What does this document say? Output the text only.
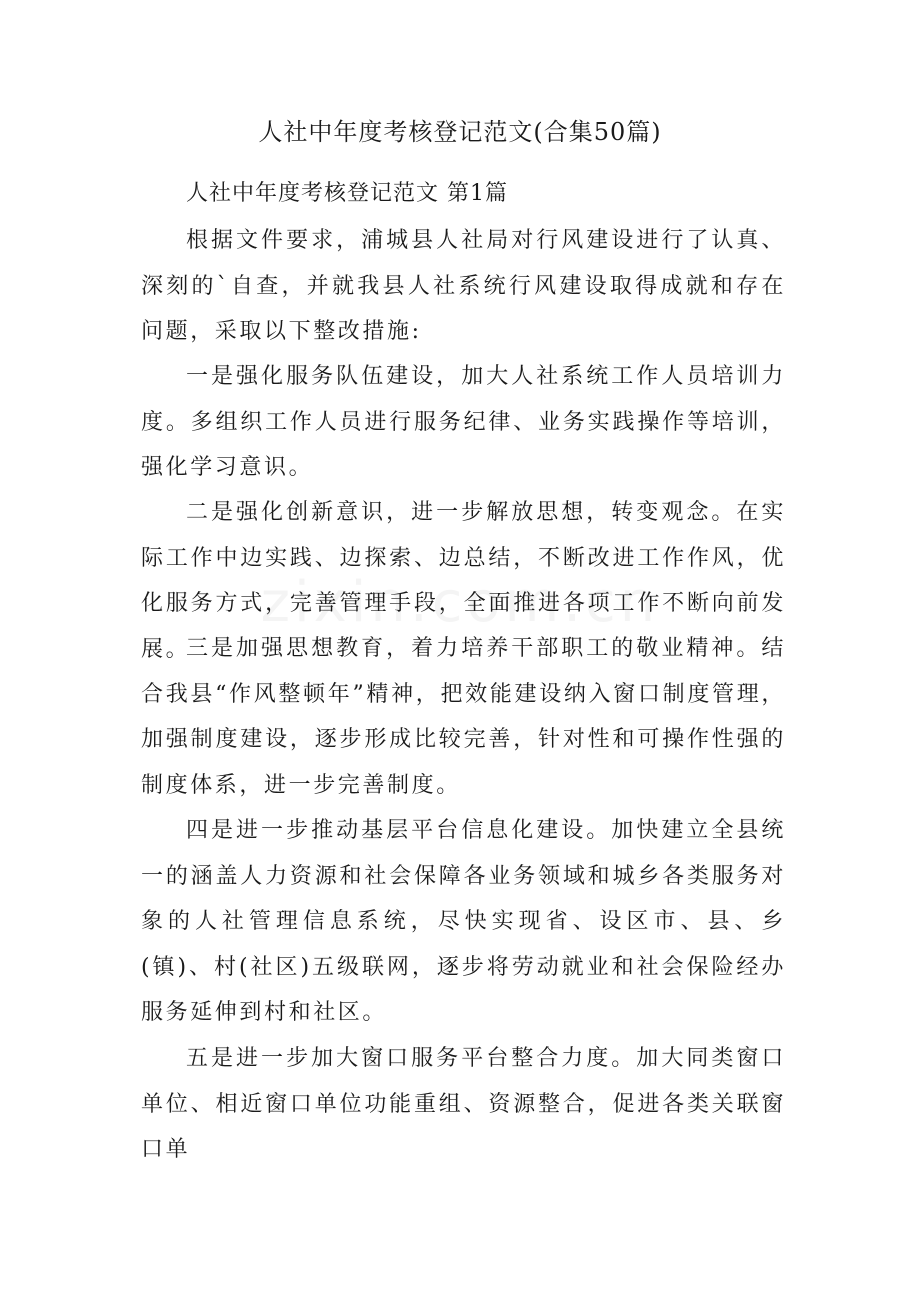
人社中年度考核登记范文(合集50篇)
人社中年度考核登记范文 第1篇

根据文件要求，浦城县人社局对行风建设进行了认真、深刻的`自查，并就我县人社系统行风建设取得成就和存在问题，采取以下整改措施:

一是强化服务队伍建设，加大人社系统工作人员培训力度。多组织工作人员进行服务纪律、业务实践操作等培训，强化学习意识。

二是强化创新意识，进一步解放思想，转变观念。在实际工作中边实践、边探索、边总结，不断改进工作作风，优化服务方式，完善管理手段，全面推进各项工作不断向前发展。

三是加强思想教育，着力培养干部职工的敬业精神。结合我县“作风整顿年”精神，把效能建设纳入窗口制度管理，加强制度建设，逐步形成比较完善，针对性和可操作性强的制度体系，进一步完善制度。

四是进一步推动基层平台信息化建设。加快建立全县统一的涵盖人力资源和社会保障各业务领域和城乡各类服务对象的人社管理信息系统，尽快实现省、设区市、县、乡(镇)、村(社区)五级联网，逐步将劳动就业和社会保险经办服务延伸到村和社区。

五是进一步加大窗口服务平台整合力度。加大同类窗口单位、相近窗口单位功能重组、资源整合，促进各类关联窗口单
